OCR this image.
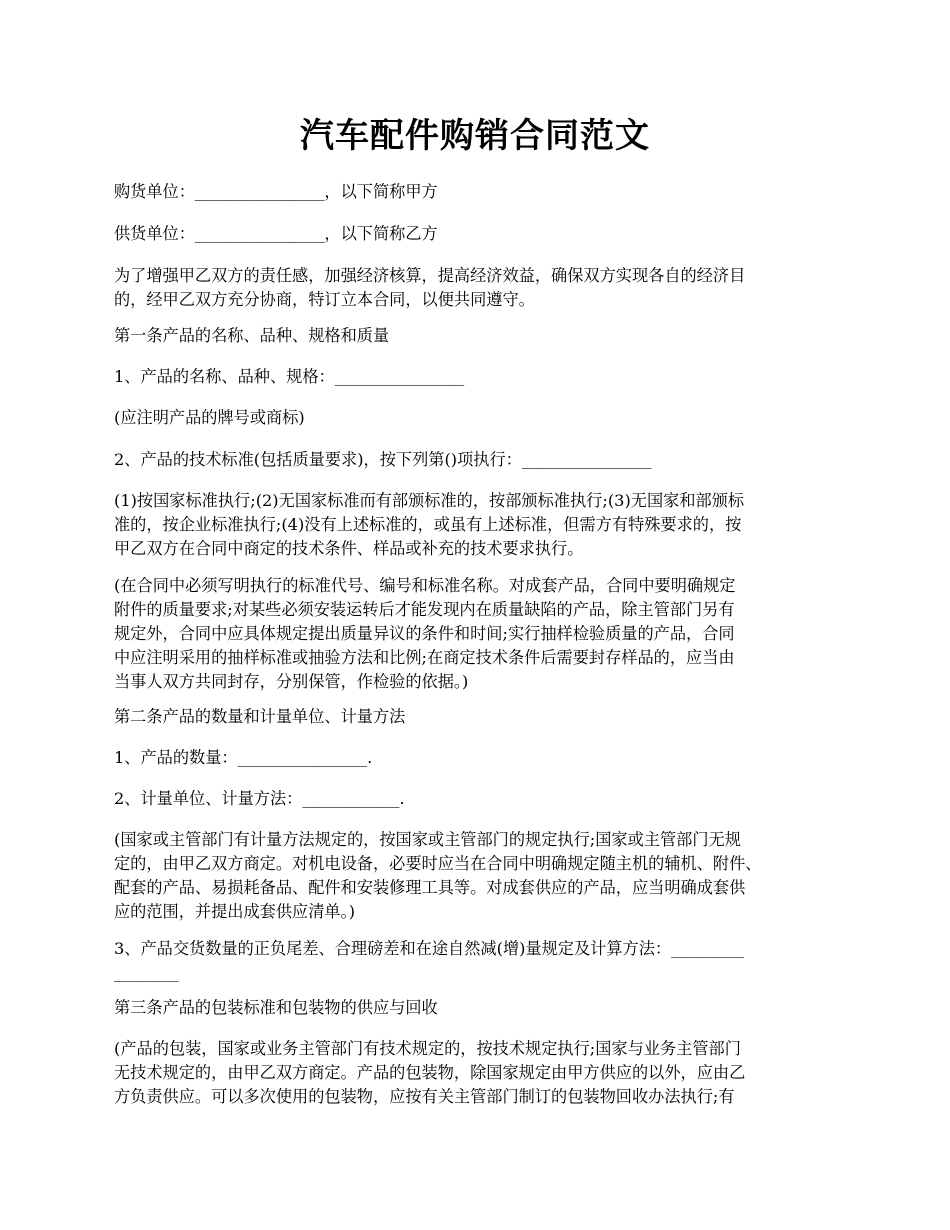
汽车配件购销合同范文
购货单位：________________，以下简称甲方
供货单位：________________，以下简称乙方
为了增强甲乙双方的责任感，加强经济核算，提高经济效益，确保双方实现各自的经济目
的，经甲乙双方充分协商，特订立本合同，以便共同遵守。
第一条产品的名称、品种、规格和质量
1、产品的名称、品种、规格：________________
(应注明产品的牌号或商标)
2、产品的技术标准(包括质量要求)，按下列第()项执行：________________
(1)按国家标准执行;(2)无国家标准而有部颁标准的，按部颁标准执行;(3)无国家和部颁标
准的，按企业标准执行;(4)没有上述标准的，或虽有上述标准，但需方有特殊要求的，按
甲乙双方在合同中商定的技术条件、样品或补充的技术要求执行。
(在合同中必须写明执行的标准代号、编号和标准名称。对成套产品，合同中要明确规定
附件的质量要求;对某些必须安装运转后才能发现内在质量缺陷的产品，除主管部门另有
规定外，合同中应具体规定提出质量异议的条件和时间;实行抽样检验质量的产品，合同
中应注明采用的抽样标准或抽验方法和比例;在商定技术条件后需要封存样品的，应当由
当事人双方共同封存，分别保管，作检验的依据。)
第二条产品的数量和计量单位、计量方法
1、产品的数量：________________.
2、计量单位、计量方法：____________.
(国家或主管部门有计量方法规定的，按国家或主管部门的规定执行;国家或主管部门无规
定的，由甲乙双方商定。对机电设备，必要时应当在合同中明确规定随主机的辅机、附件、
配套的产品、易损耗备品、配件和安装修理工具等。对成套供应的产品，应当明确成套供
应的范围，并提出成套供应清单。)
3、产品交货数量的正负尾差、合理磅差和在途自然减(增)量规定及计算方法：_________
________
第三条产品的包装标准和包装物的供应与回收
(产品的包装，国家或业务主管部门有技术规定的，按技术规定执行;国家与业务主管部门
无技术规定的，由甲乙双方商定。产品的包装物，除国家规定由甲方供应的以外，应由乙
方负责供应。可以多次使用的包装物，应按有关主管部门制订的包装物回收办法执行;有
